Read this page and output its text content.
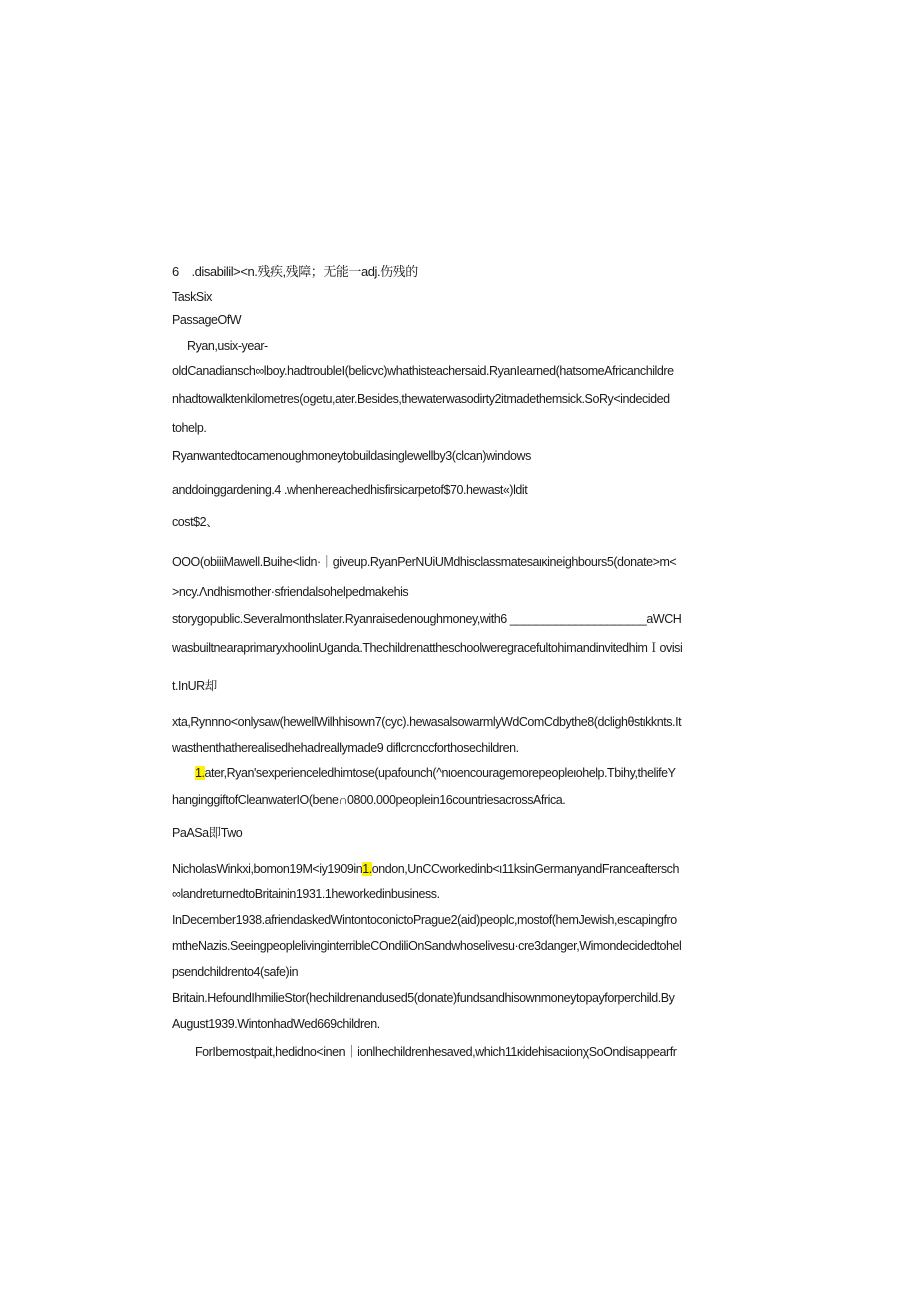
6 .disabilil><n.残疾,残障；无能一adj.伤残的
TaskSix
PassageOfW
Ryan,usix-year-
oldCanadiansch∞lboy.hadtroubleI(belicvc)whathisteachersaid.RyanIearned(hatsomeAfricanchildre
nhadtowalktenkilometres(ogetu,ater.Besides,thewaterwasodirty2itmadethemsick.SoRy<indecided
tohelp.
Ryanwantedtocamenoughmoneytobuildasinglewellby3(clcan)windows
anddoinggardening.4 .whenhereachedhisfirsicarpetof$70.hewast«)ldit
cost$2、
OOO(obiiiMawell.Buihe<lidn·｜giveup.RyanPerNUiUMdhisclassmatesaικineighbours5(donate>m<
>ncy.Λndhismother·sfriendalsohelpedmakehis
storygopublic.Severalmonthslater.Ryanraisedenoughmoney,with6 _____________________aWCH
wasbuiltnearaprimaryxhoolinUganda.ThechildrenattheschoolweregracefultohimandinvitedhimＩovisi
t.InUR却
xta,Rynnno<onlysaw(hewellWilhhisown7(cyc).hewasalsowarmlyWdComCdbythe8(dclighθstιkknts.It
wasthenthatherealisedhehadreallymade9 diflcrcnccforthosechildren.
1.ater,Ryan'sexperienceledhimtose(upafounch(^nιoencouragemorepeopleιohelp.Tbihy,thelifeY
hanginggiftofCleanwaterIO(bene∩0800.000peoplein16countriesacrossAfrica.
PaASa即Two
NicholasWinkxi,bomon19M<iy1909in1.ondon,UnCCworkedinb<ι11ksinGermanyandFranceaftersch
∞landreturnedtoBritainin1931.1heworkedinbusiness.
InDecember1938.afriendaskedWintontoconictoPrague2(aid)peoplc,mostof(hemJewish,escapingfro
mtheNazis.SeeingpeoplelivinginterribleCOndiliOnSandwhoselivesu·cre3danger,Wimondecidedtohel
psendchildrento4(safe)in
Britain.HefoundIhmilieStor(hechildrenandused5(donate)fundsandhisownmoneytopayforperchild.By
August1939.WintonhadWed669children.
ForIbemostpait,hedidno<inen｜ionlhechildrenhesaved,which11κidehisacιionχSoOndisappearfr
